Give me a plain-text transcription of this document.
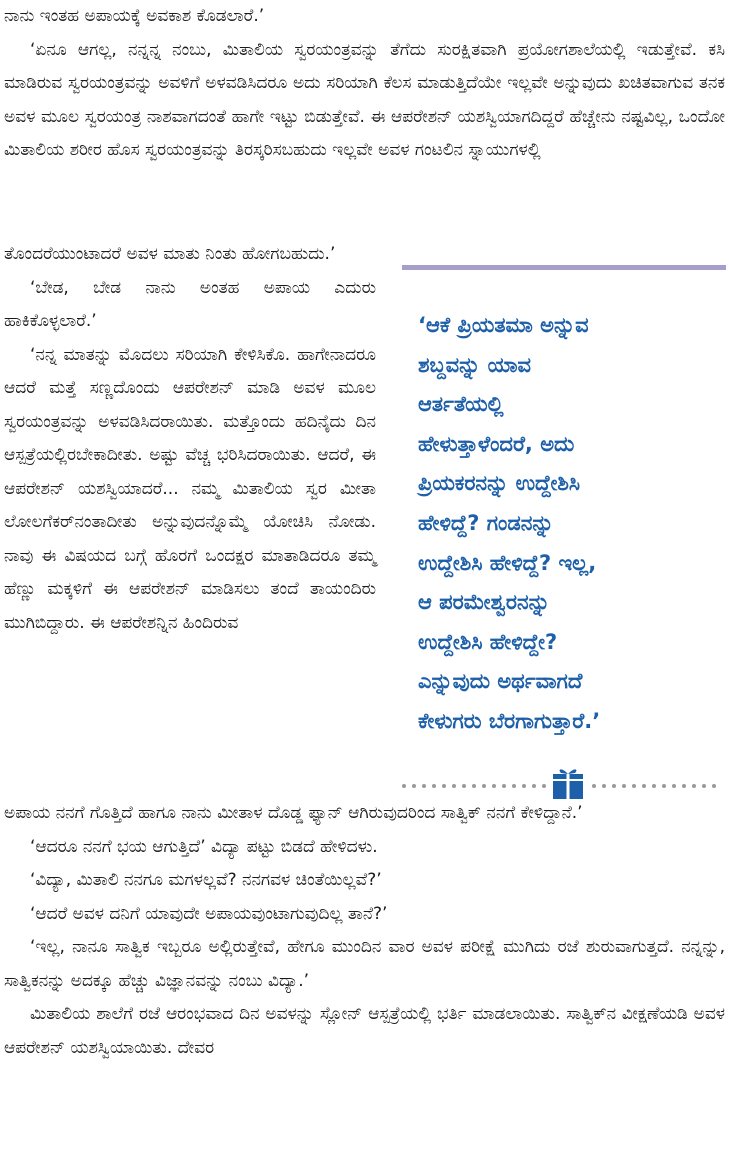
ನಾನು ಇಂತಹ ಅಪಾಯಕ್ಕೆ ಅವಕಾಶ ಕೊಡಲಾರೆ.’

‘ಏನೂ ಆಗಲ್ಲ, ನನ್ನನ್ನ ನಂಬು, ಮಿತಾಲಿಯ ಸ್ವರಯಂತ್ರವನ್ನು ತೆಗೆದು ಸುರಕ್ಷಿತವಾಗಿ ಪ್ರಯೋಗಶಾಲೆಯಲ್ಲಿ ಇಡುತ್ತೇವೆ. ಕಸಿ ಮಾಡಿರುವ ಸ್ವರಯಂತ್ರವನ್ನು ಅವಳಿಗೆ ಅಳವಡಿಸಿದರೂ ಅದು ಸರಿಯಾಗಿ ಕೆಲಸ ಮಾಡುತ್ತಿದೆಯೇ ಇಲ್ಲವೇ ಅನ್ನುವುದು ಖಚಿತವಾಗುವ ತನಕ ಅವಳ ಮೂಲ ಸ್ವರಯಂತ್ರ ನಾಶವಾಗದಂತೆ ಹಾಗೇ ಇಟ್ಟು ಬಿಡುತ್ತೇವೆ. ಈ ಆಪರೇಶನ್ ಯಶಸ್ವಿಯಾಗದಿದ್ದರೆ ಹೆಚ್ಚೇನು ನಷ್ಟವಿಲ್ಲ, ಒಂದೋ ಮಿತಾಲಿಯ ಶರೀರ ಹೊಸ ಸ್ವರಯಂತ್ರವನ್ನು ತಿರಸ್ಕರಿಸಬಹುದು ಇಲ್ಲವೇ ಅವಳ ಗಂಟಲಿನ ಸ್ನಾಯುಗಳಲ್ಲಿ

ತೊಂದರೆಯುಂಟಾದರೆ ಅವಳ ಮಾತು ನಿಂತು ಹೋಗಬಹುದು.’

‘ಬೇಡ, ಬೇಡ ನಾನು ಅಂತಹ ಅಪಾಯ ಎದುರು ಹಾಕಿಕೊಳ್ಳಲಾರೆ.’

‘ನನ್ನ ಮಾತನ್ನು ಮೊದಲು ಸರಿಯಾಗಿ ಕೇಳಿಸಿಕೊ. ಹಾಗೇನಾದರೂ ಆದರೆ ಮತ್ತೆ ಸಣ್ಣದೊಂದು ಆಪರೇಶನ್ ಮಾಡಿ ಅವಳ ಮೂಲ ಸ್ವರಯಂತ್ರವನ್ನು ಅಳವಡಿಸಿದರಾಯಿತು. ಮತ್ತೊಂದು ಹದಿನೈದು ದಿನ ಆಸ್ಪತ್ರೆಯಲ್ಲಿರಬೇಕಾದೀತು. ಅಷ್ಟು ವೆಚ್ಚ ಭರಿಸಿದರಾಯಿತು. ಆದರೆ, ಈ ಆಪರೇಶನ್ ಯಶಸ್ವಿಯಾದರೆ... ನಮ್ಮ ಮಿತಾಲಿಯ ಸ್ವರ ಮೀತಾ ಲೋಲಗೆಕರ್‌ನಂತಾದೀತು ಅನ್ನುವುದನ್ನೊಮ್ಮೆ ಯೋಚಿಸಿ ನೋಡು. ನಾವು ಈ ವಿಷಯದ ಬಗ್ಗೆ ಹೊರಗೆ ಒಂದಕ್ಷರ ಮಾತಾಡಿದರೂ ತಮ್ಮ ಹೆಣ್ಣು ಮಕ್ಕಳಿಗೆ ಈ ಆಪರೇಶನ್ ಮಾಡಿಸಲು ತಂದೆ ತಾಯಂದಿರು ಮುಗಿಬಿದ್ದಾರು. ಈ ಆಪರೇಶನ್ನಿನ ಹಿಂದಿರುವ

‘ಆಕೆ ಪ್ರಿಯತಮಾ ಅನ್ನುವ
ಶಬ್ದವನ್ನು ಯಾವ
ಆರ್ತತೆಯಲ್ಲಿ
ಹೇಳುತ್ತಾಳೆಂದರೆ, ಅದು
ಪ್ರಿಯಕರನನ್ನು ಉದ್ದೇಶಿಸಿ
ಹೇಳಿದ್ದೆ? ಗಂಡನನ್ನು
ಉದ್ದೇಶಿಸಿ ಹೇಳಿದ್ದೆ? ಇಲ್ಲ,
ಆ ಪರಮೇಶ್ವರನನ್ನು
ಉದ್ದೇಶಿಸಿ ಹೇಳಿದ್ದೇ?
ಎನ್ನುವುದು ಅರ್ಥವಾಗದೆ
ಕೇಳುಗರು ಬೆರಗಾಗುತ್ತಾರೆ.’

ಅಪಾಯ ನನಗೆ ಗೊತ್ತಿದೆ ಹಾಗೂ ನಾನು ಮೀತಾಳ ದೊಡ್ಡ ಫ್ಯಾನ್ ಆಗಿರುವುದರಿಂದ ಸಾತ್ವಿಕ್ ನನಗೆ ಕೇಳಿದ್ದಾನೆ.’

‘ಆದರೂ ನನಗೆ ಭಯ ಆಗುತ್ತಿದೆ’ ವಿದ್ಯಾ ಪಟ್ಟು ಬಿಡದೆ ಹೇಳಿದಳು.

‘ವಿದ್ಯಾ, ಮಿತಾಲಿ ನನಗೂ ಮಗಳಲ್ಲವೆ? ನನಗವಳ ಚಿಂತೆಯಿಲ್ಲವೆ?’

‘ಆದರೆ ಅವಳ ದನಿಗೆ ಯಾವುದೇ ಅಪಾಯವುಂಟಾಗುವುದಿಲ್ಲ ತಾನೆ?’

‘ಇಲ್ಲ, ನಾನೂ ಸಾತ್ವಿಕ ಇಬ್ಬರೂ ಅಲ್ಲಿರುತ್ತೇವೆ, ಹೇಗೂ ಮುಂದಿನ ವಾರ ಅವಳ ಪರೀಕ್ಷೆ ಮುಗಿದು ರಜೆ ಶುರುವಾಗುತ್ತದೆ. ನನ್ನನ್ನು, ಸಾತ್ವಿಕನನ್ನು ಅದಕ್ಕೂ ಹೆಚ್ಚು ವಿಜ್ಞಾನವನ್ನು ನಂಬು ವಿದ್ಯಾ.’

ಮಿತಾಲಿಯ ಶಾಲೆಗೆ ರಜೆ ಆರಂಭವಾದ ದಿನ ಅವಳನ್ನು ಸ್ಲೋನ್ ಆಸ್ಪತ್ರೆಯಲ್ಲಿ ಭರ್ತಿ ಮಾಡಲಾಯಿತು. ಸಾತ್ವಿಕ್‌ನ ವೀಕ್ಷಣೆಯಡಿ ಅವಳ ಆಪರೇಶನ್ ಯಶಸ್ವಿಯಾಯಿತು. ದೇವರ
